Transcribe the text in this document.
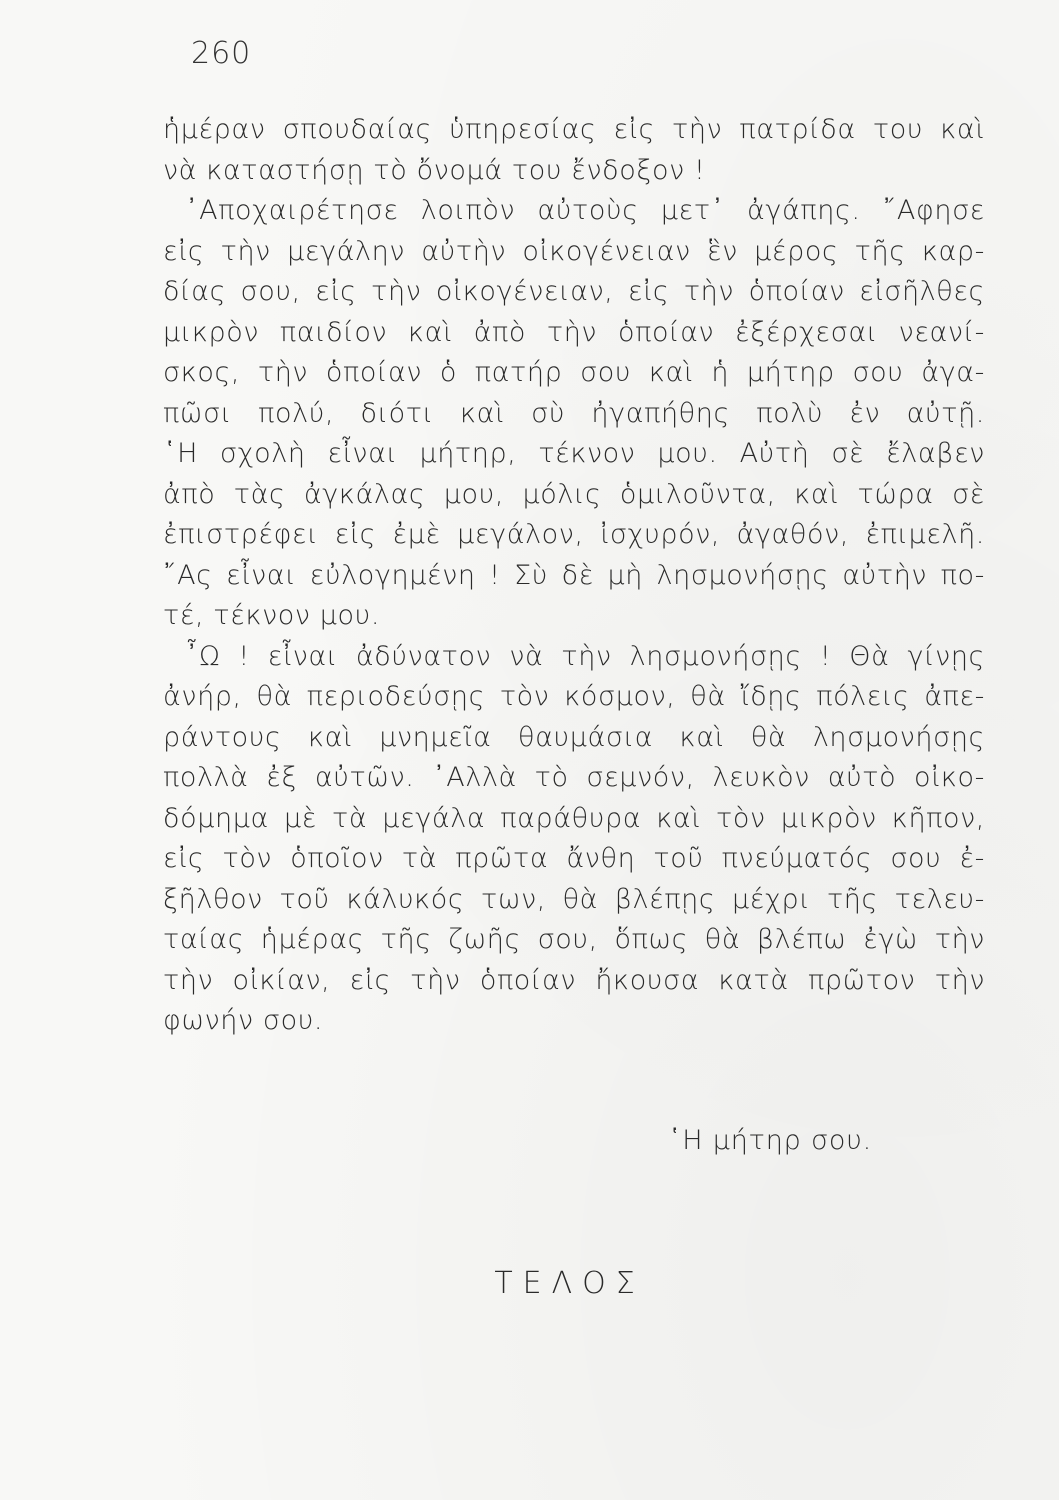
260
ἡμέραν σπουδαίας ὑπηρεσίας εἰς τὴν πατρίδα του καὶ
νὰ καταστήσῃ τὸ ὄνομά του ἔνδοξον !
᾿Αποχαιρέτησε λοιπὸν αὐτοὺς μετ᾿ ἀγάπης. ῎Αφησε
εἰς τὴν μεγάλην αὐτὴν οἰκογένειαν ἓν μέρος τῆς καρ-
δίας σου, εἰς τὴν οἰκογένειαν, εἰς τὴν ὁποίαν εἰσῆλθες
μικρὸν παιδίον καὶ ἀπὸ τὴν ὁποίαν ἐξέρχεσαι νεανί-
σκος, τὴν ὁποίαν ὁ πατήρ σου καὶ ἡ μήτηρ σου ἀγα-
πῶσι πολύ, διότι καὶ σὺ ἠγαπήθης πολὺ ἐν αὐτῇ.
῾Η σχολὴ εἶναι μήτηρ, τέκνον μου. Αὐτὴ σὲ ἔλαβεν
ἀπὸ τὰς ἀγκάλας μου, μόλις ὁμιλοῦντα, καὶ τώρα σὲ
ἐπιστρέφει εἰς ἐμὲ μεγάλον, ἰσχυρόν, ἀγαθόν, ἐπιμελῆ.
῎Ας εἶναι εὐλογημένη ! Σὺ δὲ μὴ λησμονήσῃς αὐτὴν πο-
τέ, τέκνον μου.
῏Ω ! εἶναι ἀδύνατον νὰ τὴν λησμονήσῃς ! Θὰ γίνῃς
ἀνήρ, θὰ περιοδεύσῃς τὸν κόσμον, θὰ ἴδῃς πόλεις ἀπε-
ράντους καὶ μνημεῖα θαυμάσια καὶ θὰ λησμονήσῃς
πολλὰ ἐξ αὐτῶν. ᾿Αλλὰ τὸ σεμνόν, λευκὸν αὐτὸ οἰκο-
δόμημα μὲ τὰ μεγάλα παράθυρα καὶ τὸν μικρὸν κῆπον,
εἰς τὸν ὁποῖον τὰ πρῶτα ἄνθη τοῦ πνεύματός σου ἐ-
ξῆλθον τοῦ κάλυκός των, θὰ βλέπῃς μέχρι τῆς τελευ-
ταίας ἡμέρας τῆς ζωῆς σου, ὅπως θὰ βλέπω ἐγὼ τὴν
τὴν οἰκίαν, εἰς τὴν ὁποίαν ἤκουσα κατὰ πρῶτον τὴν
φωνήν σου.
῾Η μήτηρ σου.
ΤΕΛΟΣ
